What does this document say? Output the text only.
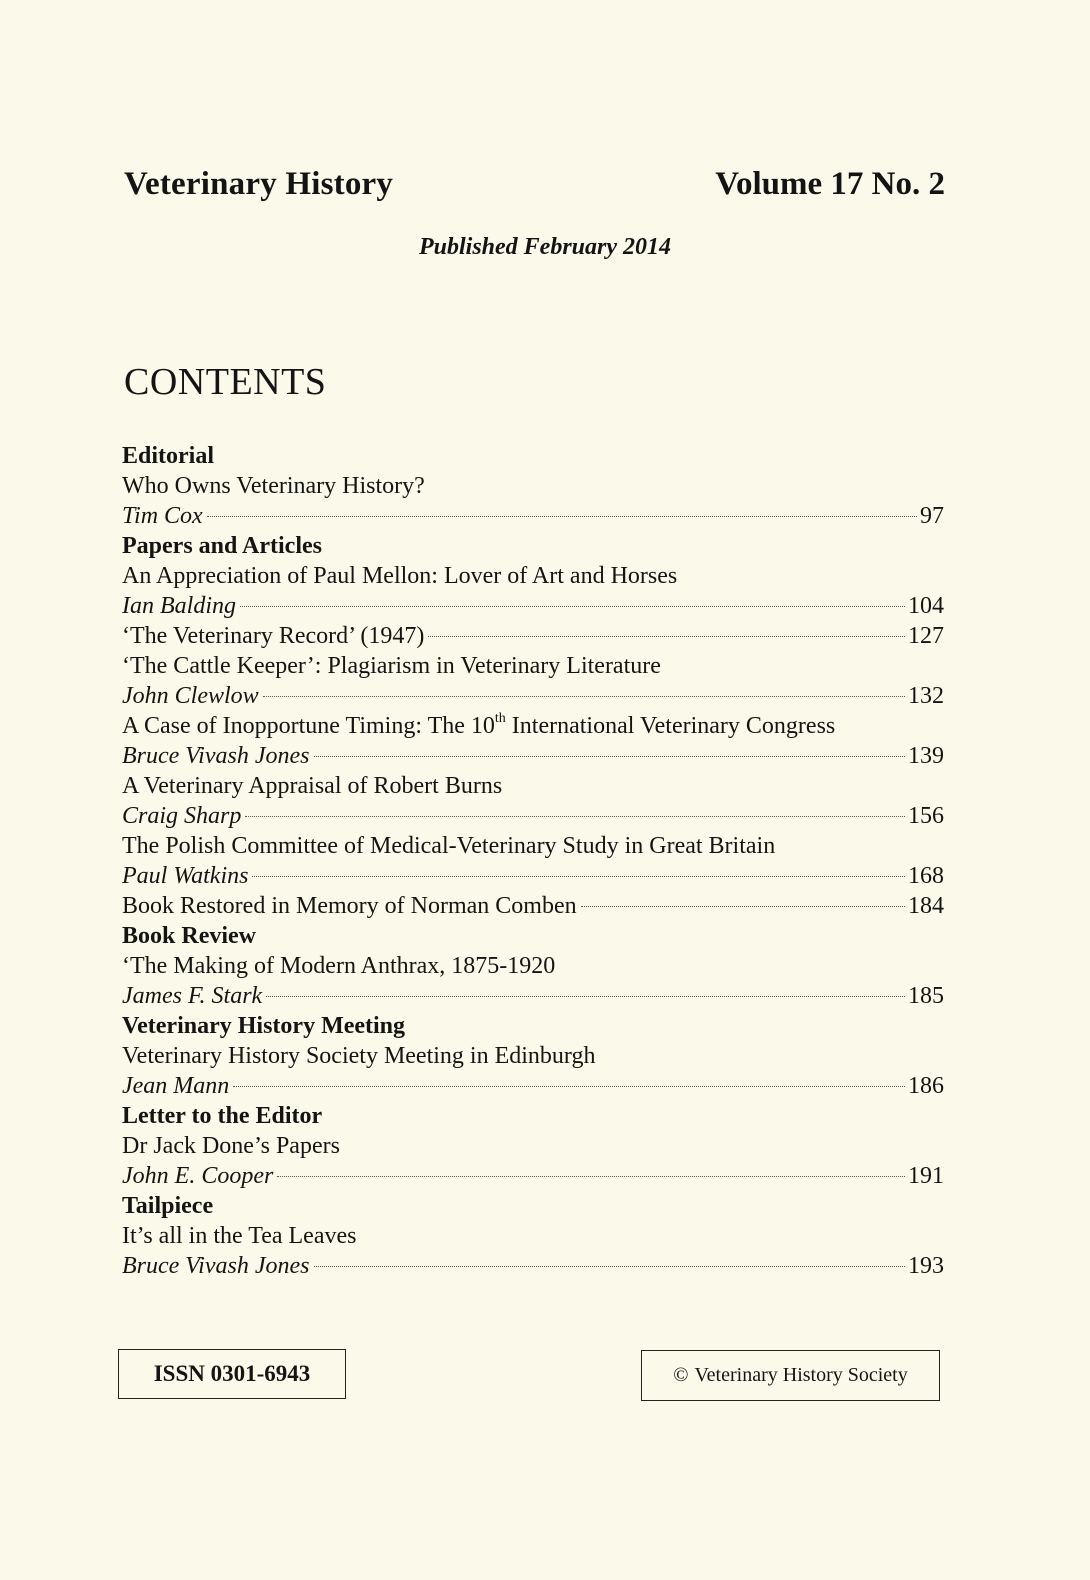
Veterinary History	Volume 17 No. 2
Published February 2014
CONTENTS
Editorial
Who Owns Veterinary History?
Tim Cox	97
Papers and Articles
An Appreciation of Paul Mellon: Lover of Art and Horses
Ian Balding	104
‘The Veterinary Record’ (1947)	127
‘The Cattle Keeper’: Plagiarism in Veterinary Literature
John Clewlow	132
A Case of Inopportune Timing: The 10th International Veterinary Congress
Bruce Vivash Jones	139
A Veterinary Appraisal of Robert Burns
Craig Sharp	156
The Polish Committee of Medical-Veterinary Study in Great Britain
Paul Watkins	168
Book Restored in Memory of Norman Comben	184
Book Review
‘The Making of Modern Anthrax, 1875-1920
James F. Stark	185
Veterinary History Meeting
Veterinary History Society Meeting in Edinburgh
Jean Mann	186
Letter to the Editor
Dr Jack Done’s Papers
John E. Cooper	191
Tailpiece
It’s all in the Tea Leaves
Bruce Vivash Jones	193
ISSN 0301-6943	© Veterinary History Society
